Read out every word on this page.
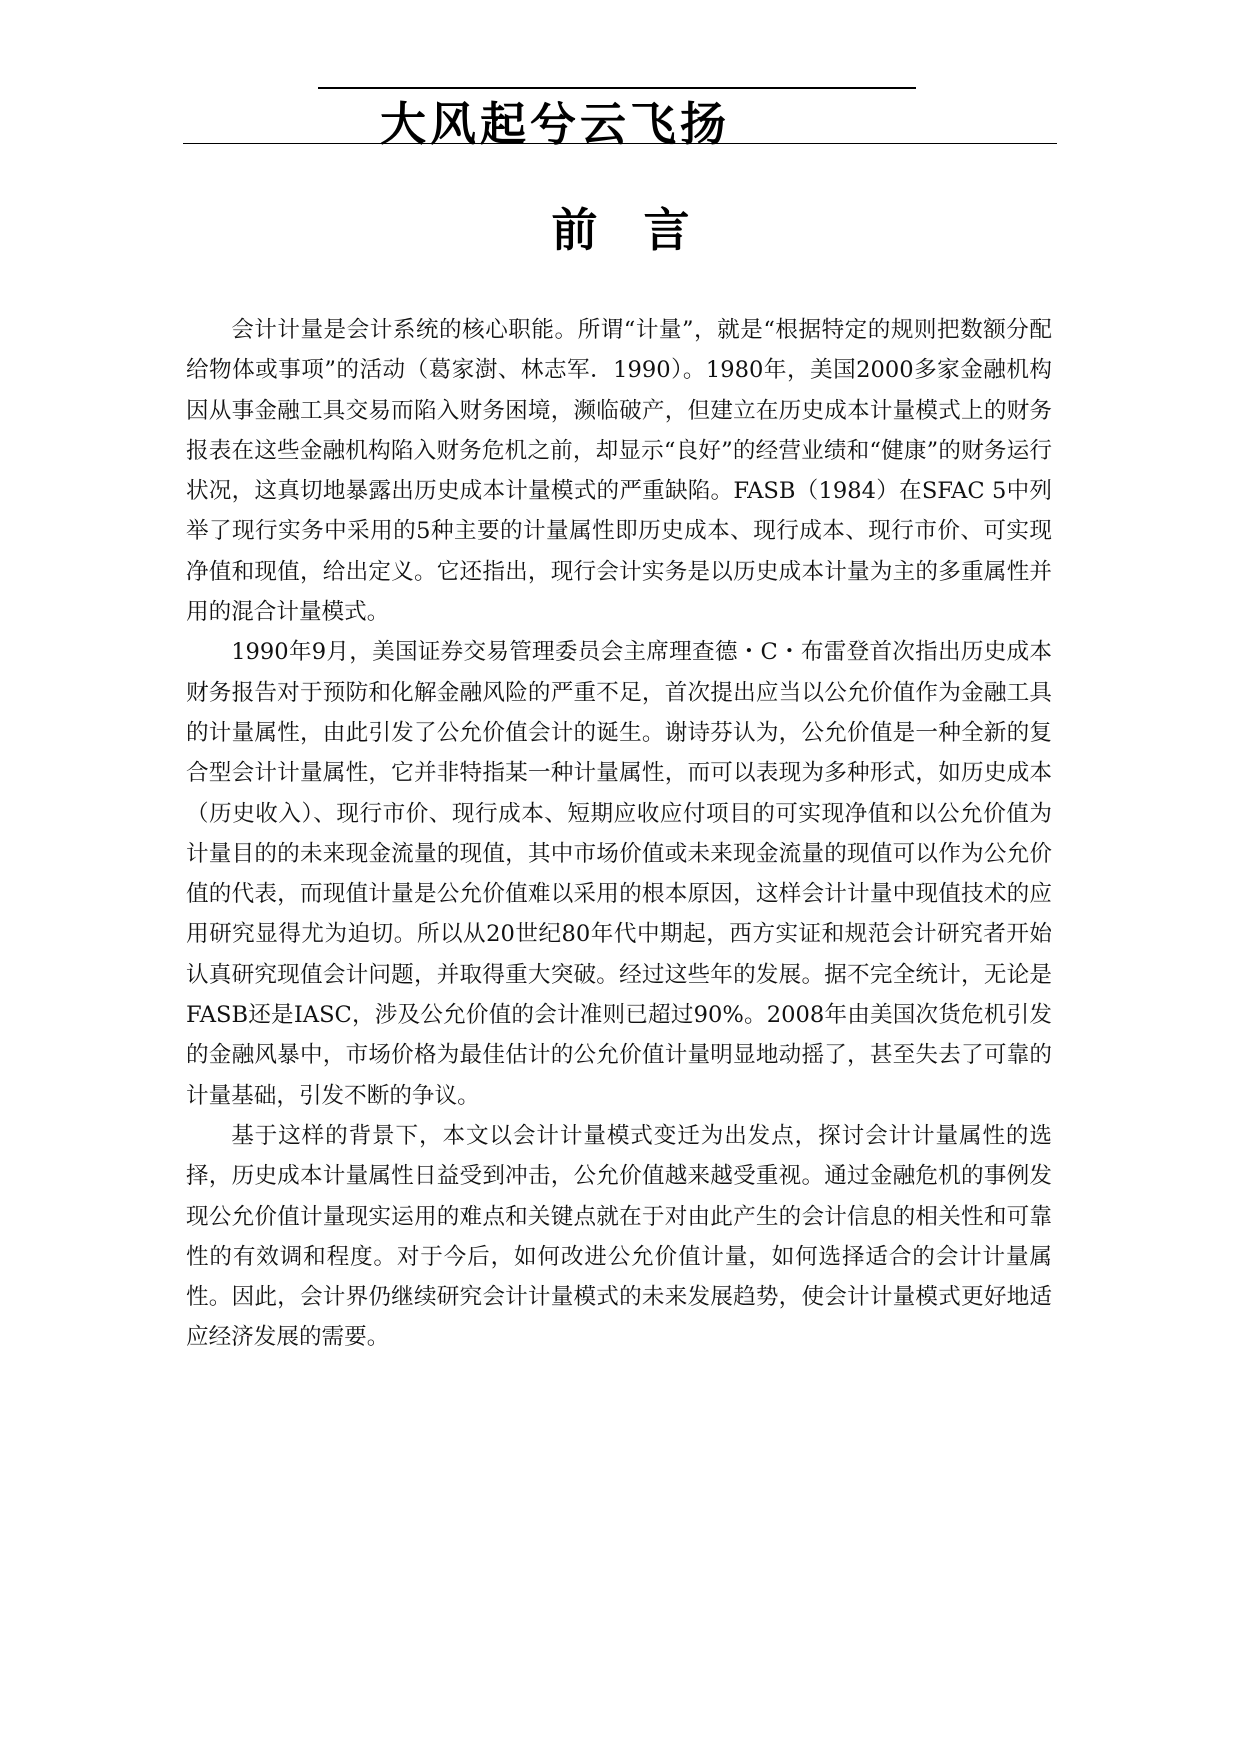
大风起兮云飞扬
前　言

会计计量是会计系统的核心职能。所谓“计量”，就是“根据特定的规则把数额分配给物体或事项”的活动（葛家澍、林志军．1990）。1980年，美国2000多家金融机构因从事金融工具交易而陷入财务困境，濒临破产，但建立在历史成本计量模式上的财务报表在这些金融机构陷入财务危机之前，却显示“良好”的经营业绩和“健康”的财务运行状况，这真切地暴露出历史成本计量模式的严重缺陷。FASB（1984）在SFAC 5中列举了现行实务中采用的5种主要的计量属性即历史成本、现行成本、现行市价、可实现净值和现值，给出定义。它还指出，现行会计实务是以历史成本计量为主的多重属性并用的混合计量模式。

1990年9月，美国证券交易管理委员会主席理查德・C・布雷登首次指出历史成本财务报告对于预防和化解金融风险的严重不足，首次提出应当以公允价值作为金融工具的计量属性，由此引发了公允价值会计的诞生。谢诗芬认为，公允价值是一种全新的复合型会计计量属性，它并非特指某一种计量属性，而可以表现为多种形式，如历史成本（历史收入）、现行市价、现行成本、短期应收应付项目的可实现净值和以公允价值为计量目的的未来现金流量的现值，其中市场价值或未来现金流量的现值可以作为公允价值的代表，而现值计量是公允价值难以采用的根本原因，这样会计计量中现值技术的应用研究显得尤为迫切。所以从20世纪80年代中期起，西方实证和规范会计研究者开始认真研究现值会计问题，并取得重大突破。经过这些年的发展。据不完全统计，无论是FASB还是IASC，涉及公允价值的会计准则已超过90%。2008年由美国次货危机引发的金融风暴中，市场价格为最佳估计的公允价值计量明显地动摇了，甚至失去了可靠的计量基础，引发不断的争议。

基于这样的背景下，本文以会计计量模式变迁为出发点，探讨会计计量属性的选择，历史成本计量属性日益受到冲击，公允价值越来越受重视。通过金融危机的事例发现公允价值计量现实运用的难点和关键点就在于对由此产生的会计信息的相关性和可靠性的有效调和程度。对于今后，如何改进公允价值计量，如何选择适合的会计计量属性。因此，会计界仍继续研究会计计量模式的未来发展趋势，使会计计量模式更好地适应经济发展的需要。
